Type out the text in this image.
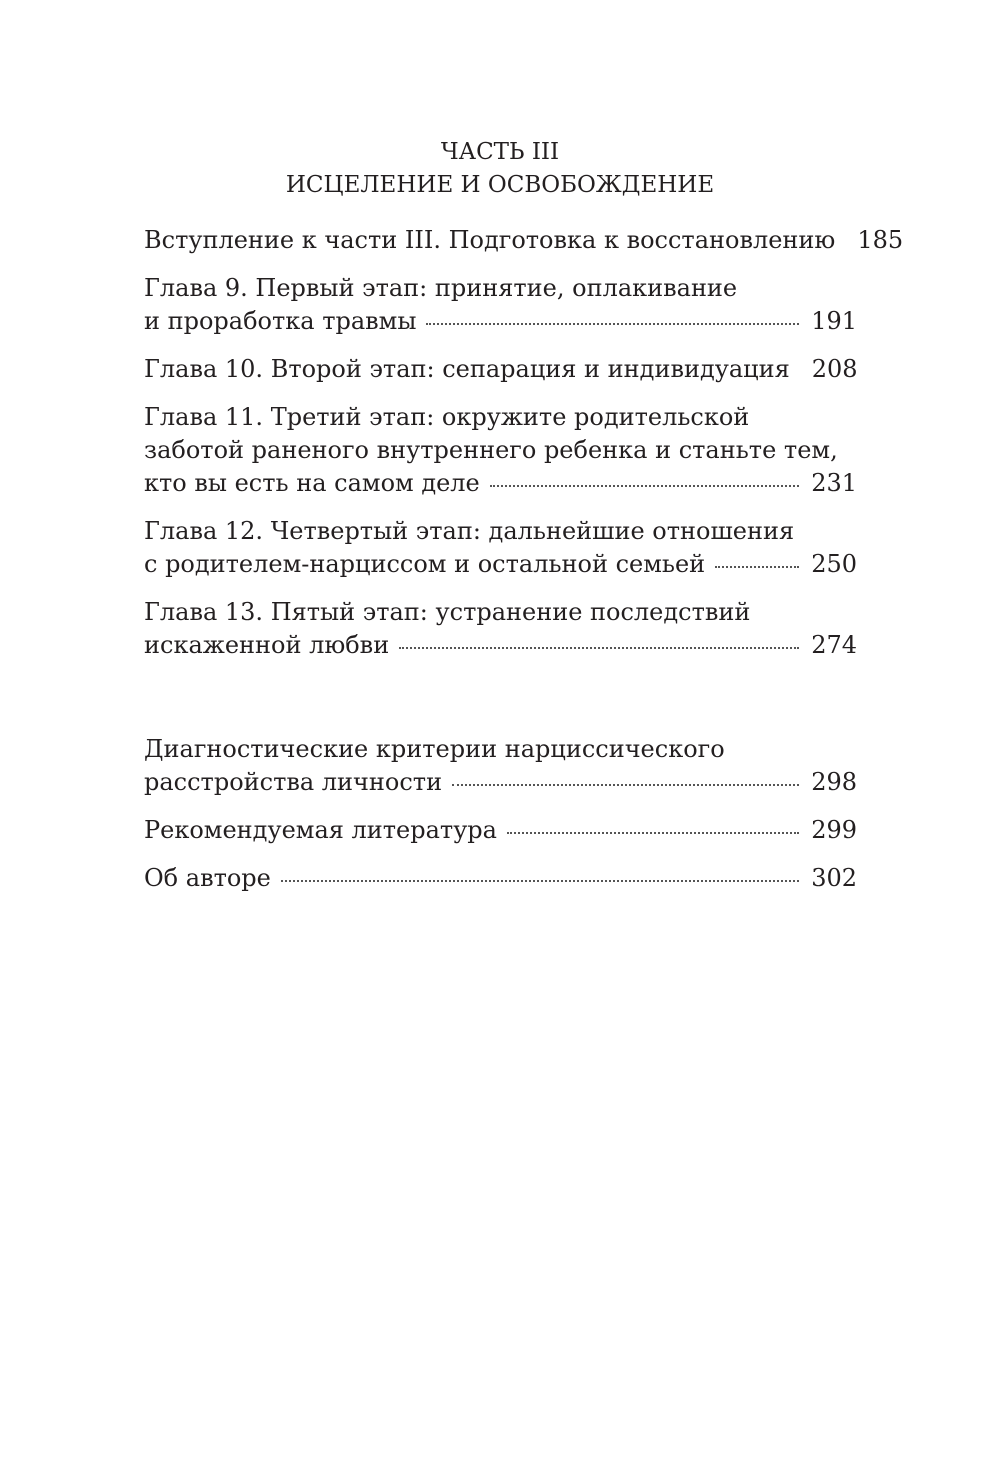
ЧАСТЬ III
ИСЦЕЛЕНИЕ И ОСВОБОЖДЕНИЕ
Вступление к части III. Подготовка к восстановлению 185
Глава 9. Первый этап: принятие, оплакивание
и проработка травмы	191
Глава 10. Второй этап: сепарация и индивидуация 208
Глава 11. Третий этап: окружите родительской
заботой раненого внутреннего ребенка и станьте тем,
кто вы есть на самом деле	231
Глава 12. Четвертый этап: дальнейшие отношения
с родителем-нарциссом и остальной семьей	250
Глава 13. Пятый этап: устранение последствий
искаженной любви	274
Диагностические критерии нарциссического
расстройства личности	298
Рекомендуемая литература	299
Об авторе	302
